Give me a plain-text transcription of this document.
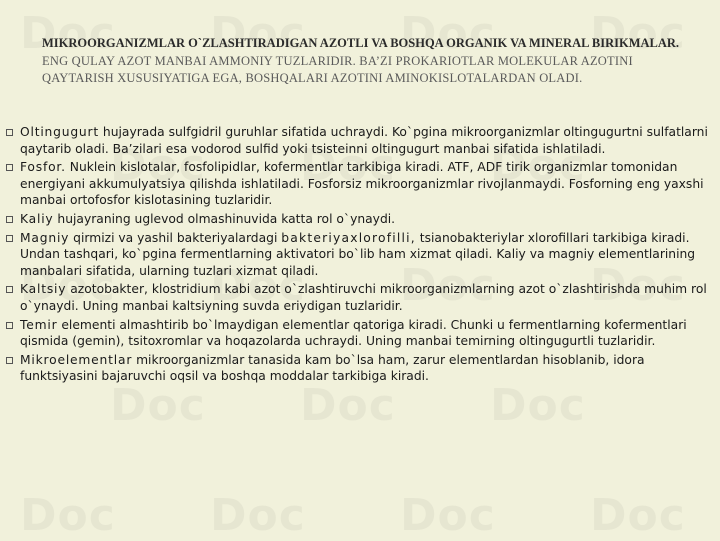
MIKROORGANIZMLAR O`ZLASHTIRADIGAN AZOTLI VA BOSHQA ORGANIK VA MINERAL BIRIKMALAR. ENG QULAY AZOT MANBAI AMMONIY TUZLARIDIR. BA’ZI PROKARIOTLAR MOLEKULAR AZOTINI QAYTARISH XUSUSIYATIGA EGA, BOSHQALARI AZOTINI AMINOKISLOTALARDAN OLADI.
Oltingugurt hujayrada sulfgidril guruhlar sifatida uchraydi. Ko`pgina mikroorganizmlar oltingugurtni sulfatlarni qaytarib oladi. Ba’zilari esa vodorod sulfid yoki tsisteinni oltingugurt manbai sifatida ishlatiladi.
Fosfor. Nuklein kislotalar, fosfolipidlar, kofermentlar tarkibiga kiradi. ATF, ADF tirik organizmlar tomonidan energiyani akkumulyatsiya qilishda ishlatiladi. Fosforsiz mikroorganizmlar rivojlanmaydi. Fosforning eng yaxshi manbai ortofosfor kislotasining tuzlaridir.
Kaliy hujayraning uglevod olmashinuvida katta rol o`ynaydi.
Magniy qirmizi va yashil bakteriyalardagi bakteriyaxlorofilli, tsianobakteriylar xlorofillari tarkibiga kiradi. Undan tashqari, ko`pgina fermentlarning aktivatori bo`lib ham xizmat qiladi. Kaliy va magniy elementlarining manbalari sifatida, ularning tuzlari xizmat qiladi.
Kaltsiy azotobakter, klostridium kabi azot o`zlashtiruvchi mikroorganizmlarning azot o`zlashtirishda muhim rol o`ynaydi. Uning manbai kaltsiyning suvda eriydigan tuzlaridir.
Temir elementi almashtirib bo`lmaydigan elementlar qatoriga kiradi. Chunki u fermentlarning kofermentlari qismida (gemin), tsitoxromlar va hoqazolarda uchraydi. Uning manbai temirning oltingugurtli tuzlaridir.
Mikroelementlar mikroorganizmlar tanasida kam bo`lsa ham, zarur elementlardan hisoblanib, idora funktsiyasini bajaruvchi oqsil va boshqa moddalar tarkibiga kiradi.
